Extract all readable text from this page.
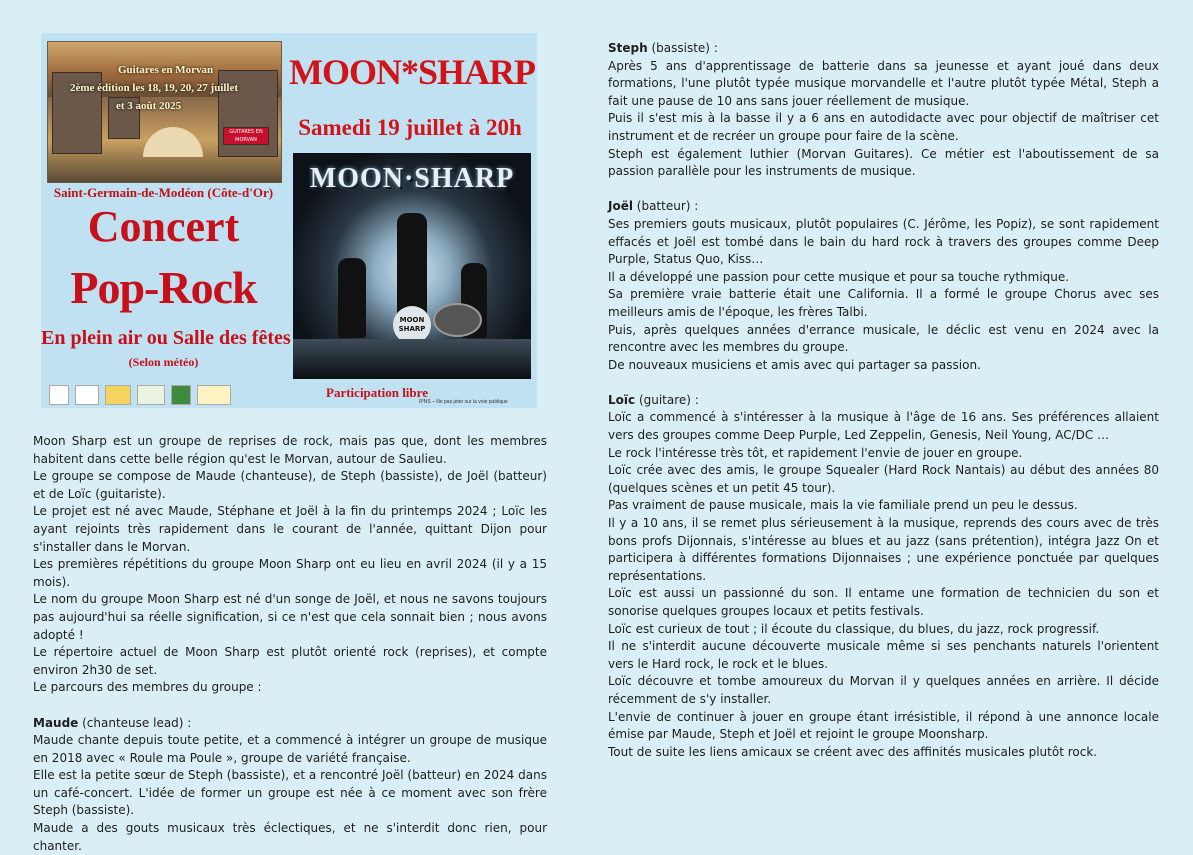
GUITARES EN MORVAN
Guitares en Morvan
2ème édition les 18, 19, 20, 27 juillet
et 3 août 2025
MOON*SHARP
Samedi 19 juillet à 20h
MOON·SHARP
MOON SHARP
Saint-Germain-de-Modéon (Côte-d'Or)
Concert
Pop-Rock
En plein air ou Salle des fêtes
(Selon météo)
Participation libre
IPNS – Ne pas jeter sur la voie publique

Moon Sharp est un groupe de reprises de rock, mais pas que, dont les membres habitent dans cette belle région qu'est le Morvan, autour de Saulieu.

Le groupe se compose de Maude (chanteuse), de Steph (bassiste), de Joël (batteur) et de Loïc (guitariste).

Le projet est né avec Maude, Stéphane et Joël à la fin du printemps 2024 ; Loïc les ayant rejoints très rapidement dans le courant de l'année, quittant Dijon pour s'installer dans le Morvan.

Les premières répétitions du groupe Moon Sharp ont eu lieu en avril 2024 (il y a 15 mois).

Le nom du groupe Moon Sharp est né d'un songe de Joël, et nous ne savons toujours pas aujourd'hui sa réelle signification, si ce n'est que cela sonnait bien ; nous avons adopté !

Le répertoire actuel de Moon Sharp est plutôt orienté rock (reprises), et compte environ 2h30 de set.

Le parcours des membres du groupe :

Maude (chanteuse lead) :

Maude chante depuis toute petite, et a commencé à intégrer un groupe de musique en 2018 avec « Roule ma Poule », groupe de variété française.

Elle est la petite sœur de Steph (bassiste), et a rencontré Joël (batteur) en 2024 dans un café-concert. L'idée de former un groupe est née à ce moment avec son frère Steph (bassiste).

Maude a des gouts musicaux très éclectiques, et ne s'interdit donc rien, pour chanter.

Steph (bassiste) :

Après 5 ans d'apprentissage de batterie dans sa jeunesse et ayant joué dans deux formations, l'une plutôt typée musique morvandelle et l'autre plutôt typée Métal, Steph a fait une pause de 10 ans sans jouer réellement de musique.

Puis il s'est mis à la basse il y a 6 ans en autodidacte avec pour objectif de maîtriser cet instrument et de recréer un groupe pour faire de la scène.

Steph est également luthier (Morvan Guitares). Ce métier est l'aboutissement de sa passion parallèle pour les instruments de musique.

Joël (batteur) :

Ses premiers gouts musicaux, plutôt populaires (C. Jérôme, les Popiz), se sont rapidement effacés et Joël est tombé dans le bain du hard rock à travers des groupes comme Deep Purple, Status Quo, Kiss…

Il a développé une passion pour cette musique et pour sa touche rythmique.

Sa première vraie batterie était une California. Il a formé le groupe Chorus avec ses meilleurs amis de l'époque, les frères Talbi.

Puis, après quelques années d'errance musicale, le déclic est venu en 2024 avec la rencontre avec les membres du groupe.

De nouveaux musiciens et amis avec qui partager sa passion.

Loïc (guitare) :

Loïc a commencé à s'intéresser à la musique à l'âge de 16 ans. Ses préférences allaient vers des groupes comme Deep Purple, Led Zeppelin, Genesis, Neil Young, AC/DC …

Le rock l'intéresse très tôt, et rapidement l'envie de jouer en groupe.

Loïc crée avec des amis, le groupe Squealer (Hard Rock Nantais) au début des années 80 (quelques scènes et un petit 45 tour).

Pas vraiment de pause musicale, mais la vie familiale prend un peu le dessus.

Il y a 10 ans, il se remet plus sérieusement à la musique, reprends des cours avec de très bons profs Dijonnais, s'intéresse au blues et au jazz (sans prétention), intégra Jazz On et participera à différentes formations Dijonnaises ; une expérience ponctuée par quelques représentations.

Loïc est aussi un passionné du son. Il entame une formation de technicien du son et sonorise quelques groupes locaux et petits festivals.

Loïc est curieux de tout ; il écoute du classique, du blues, du jazz, rock progressif.

Il ne s'interdit aucune découverte musicale même si ses penchants naturels l'orientent vers le Hard rock, le rock et le blues.

Loïc découvre et tombe amoureux du Morvan il y quelques années en arrière. Il décide récemment de s'y installer.

L'envie de continuer à jouer en groupe étant irrésistible, il répond à une annonce locale émise par Maude, Steph et Joël et rejoint le groupe Moonsharp.

Tout de suite les liens amicaux se créent avec des affinités musicales plutôt rock.
